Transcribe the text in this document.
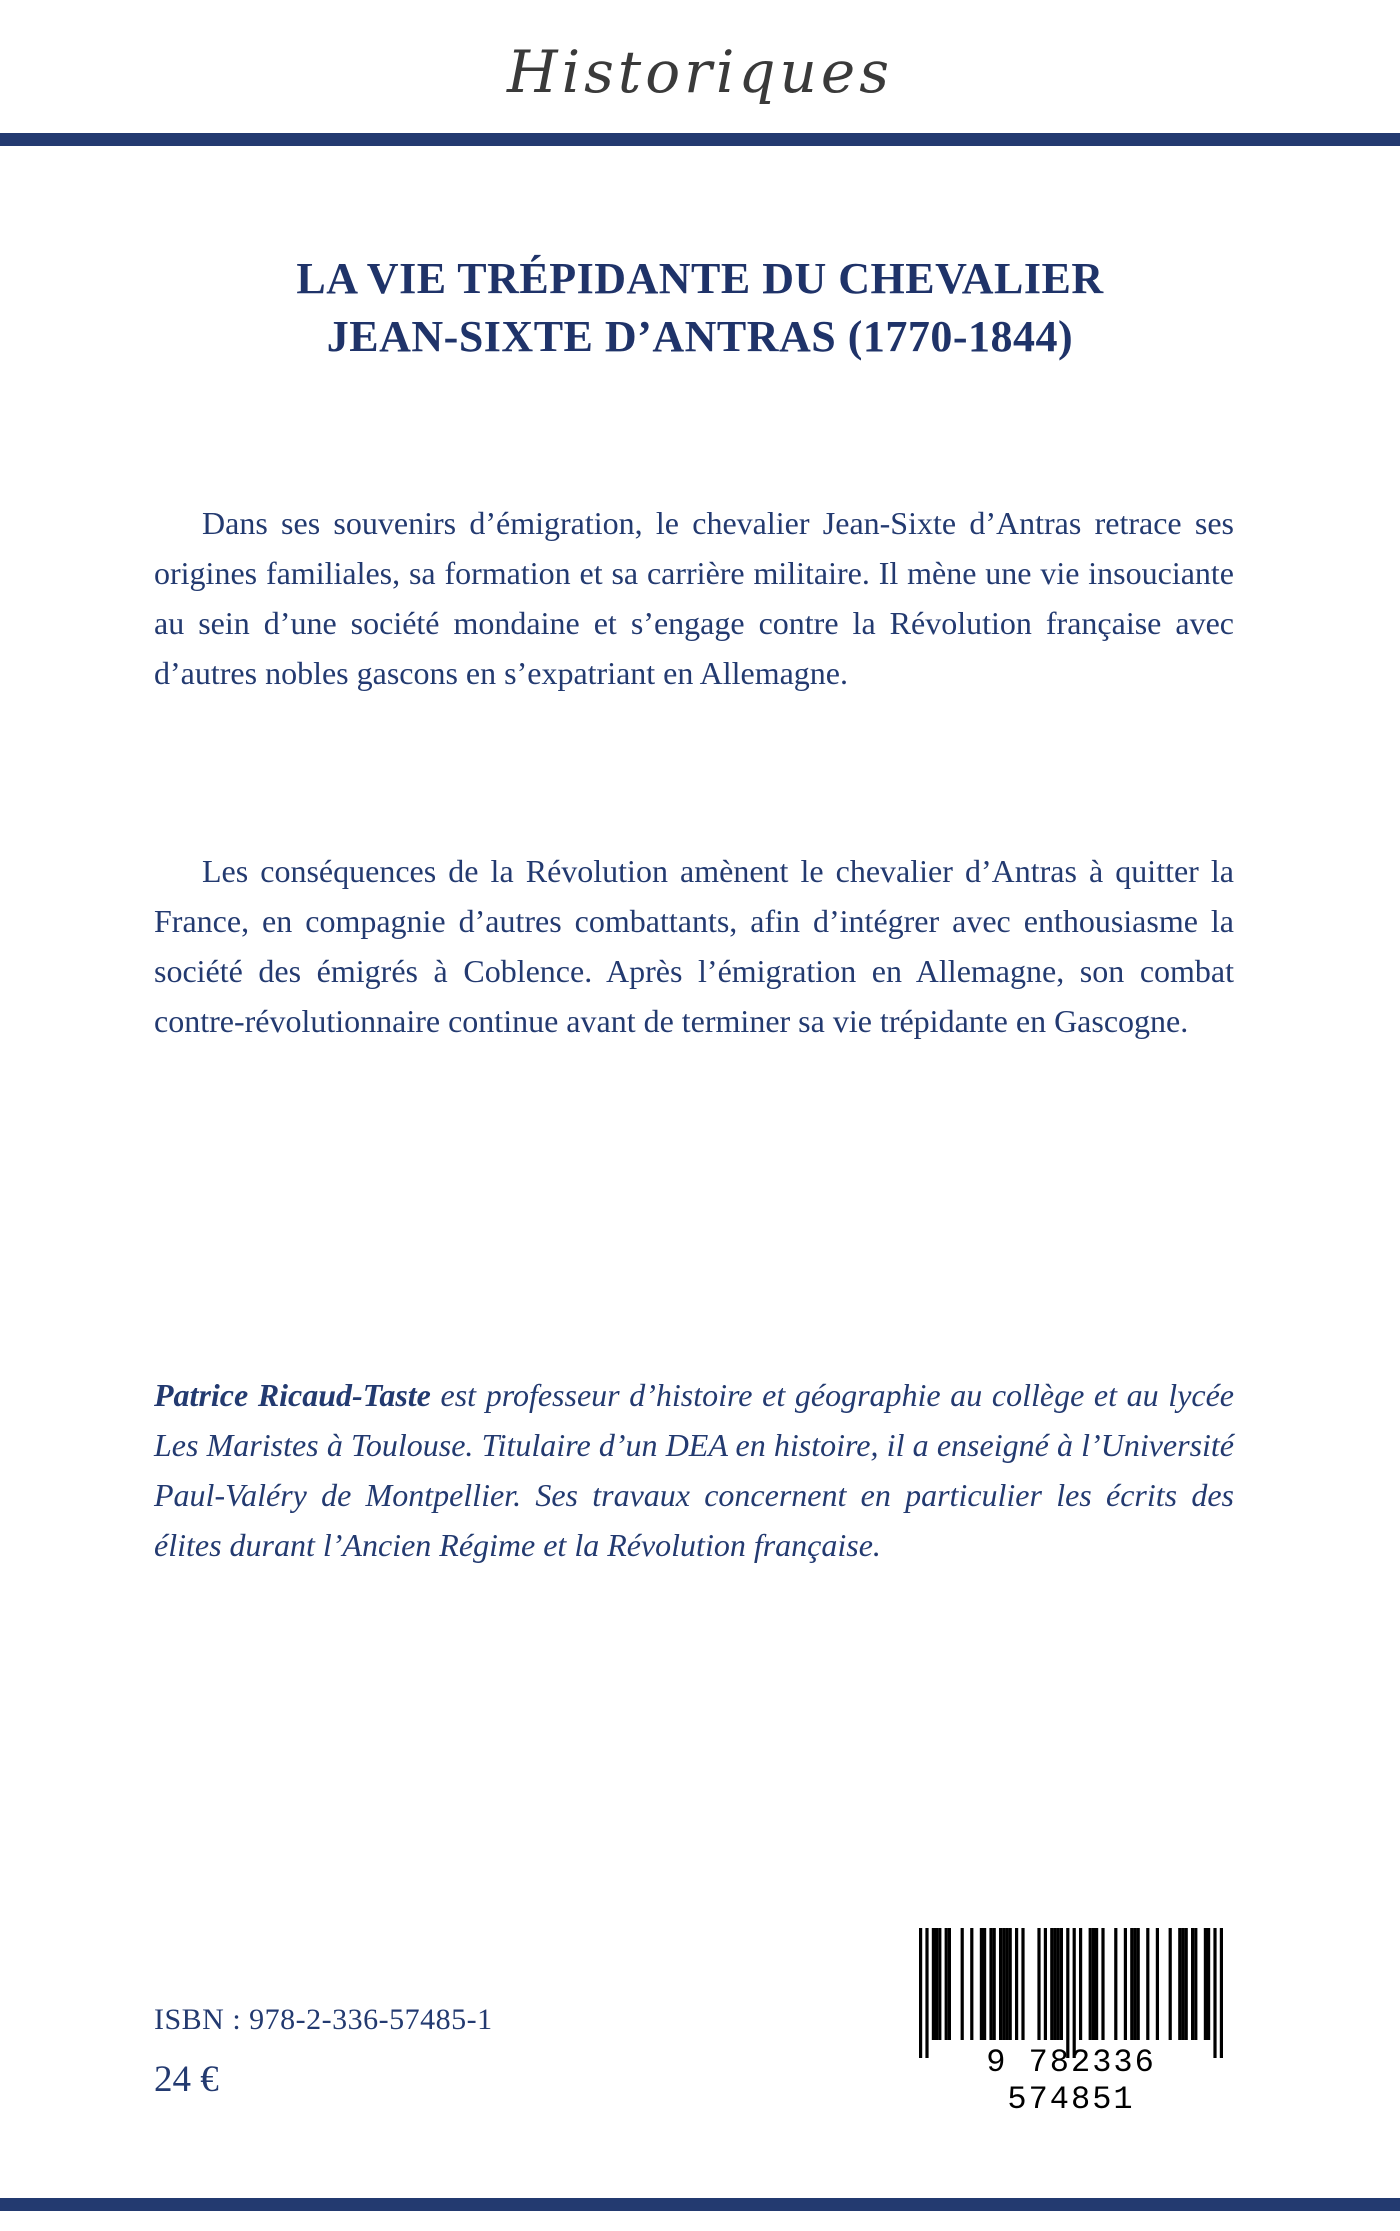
Historiques
LA VIE TRÉPIDANTE DU CHEVALIER
JEAN-SIXTE D’ANTRAS (1770-1844)

Dans ses souvenirs d’émigration, le chevalier Jean-Sixte d’Antras retrace ses origines familiales, sa formation et sa carrière militaire. Il mène une vie insouciante au sein d’une société mondaine et s’engage contre la Révolution française avec d’autres nobles gascons en s’expatriant en Allemagne.

Les conséquences de la Révolution amènent le chevalier d’Antras à quitter la France, en compagnie d’autres combattants, afin d’intégrer avec enthousiasme la société des émigrés à Coblence. Après l’émigration en Allemagne, son combat contre-révolutionnaire continue avant de terminer sa vie trépidante en Gascogne.

Patrice Ricaud-Taste est professeur d’histoire et géographie au collège et au lycée Les Maristes à Toulouse. Titulaire d’un DEA en histoire, il a enseigné à l’Université Paul-Valéry de Montpellier. Ses travaux concernent en particulier les écrits des élites durant l’Ancien Régime et la Révolution française.

ISBN : 978-2-336-57485-1
24 €	9 782336 574851
